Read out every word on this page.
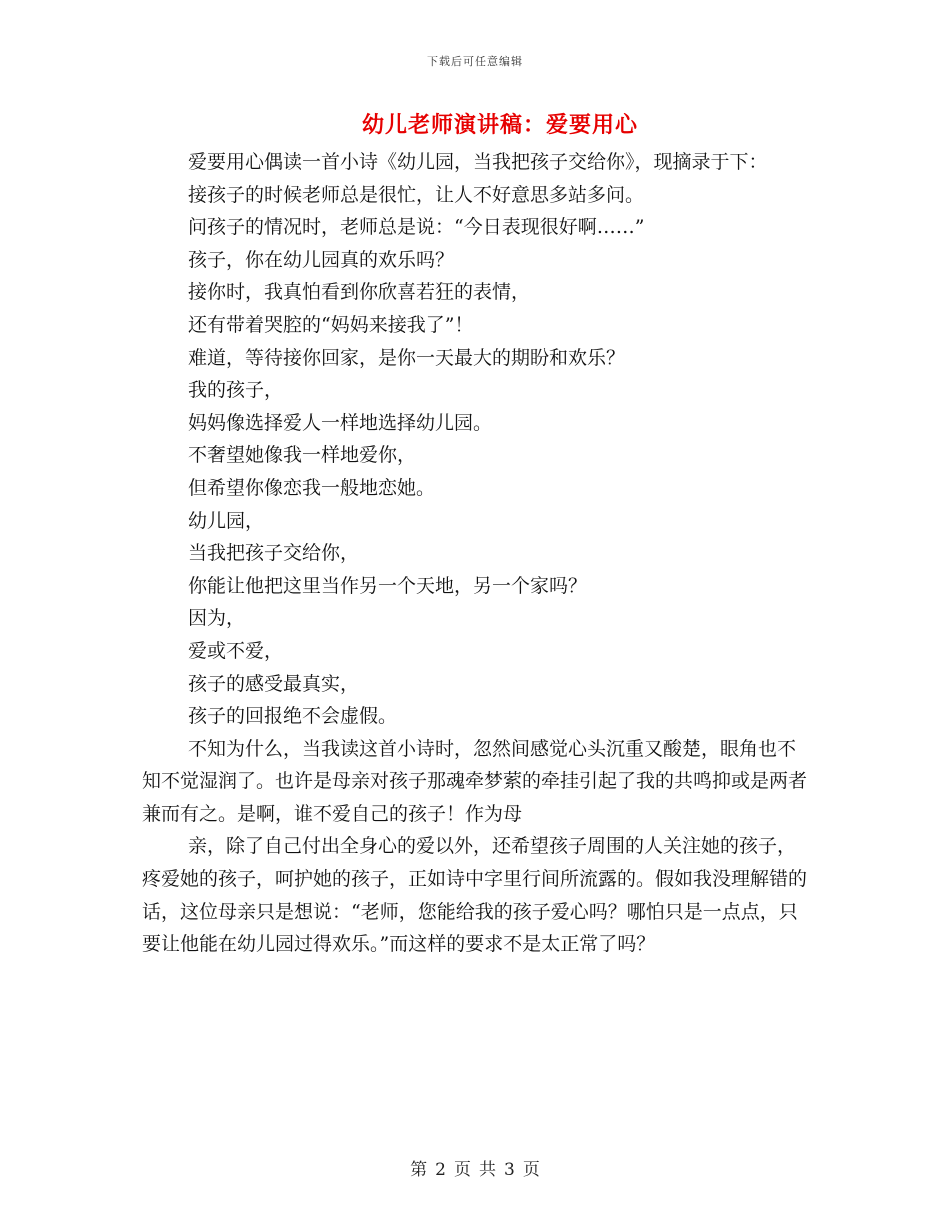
下载后可任意编辑
幼儿老师演讲稿：爱要用心

爱要用心偶读一首小诗《幼儿园，当我把孩子交给你》，现摘录于下：

接孩子的时候老师总是很忙，让人不好意思多站多问。

问孩子的情况时，老师总是说：“今日表现很好啊……”

孩子，你在幼儿园真的欢乐吗？

接你时，我真怕看到你欣喜若狂的表情，

还有带着哭腔的“妈妈来接我了”！

难道，等待接你回家，是你一天最大的期盼和欢乐？

我的孩子，

妈妈像选择爱人一样地选择幼儿园。

不奢望她像我一样地爱你，

但希望你像恋我一般地恋她。

幼儿园，

当我把孩子交给你，

你能让他把这里当作另一个天地，另一个家吗？

因为，

爱或不爱，

孩子的感受最真实，

孩子的回报绝不会虚假。

不知为什么，当我读这首小诗时，忽然间感觉心头沉重又酸楚，眼角也不知不觉湿润了。也许是母亲对孩子那魂牵梦萦的牵挂引起了我的共鸣抑或是两者兼而有之。是啊，谁不爱自己的孩子！作为母

亲，除了自己付出全身心的爱以外，还希望孩子周围的人关注她的孩子，疼爱她的孩子，呵护她的孩子，正如诗中字里行间所流露的。假如我没理解错的话，这位母亲只是想说：“老师，您能给我的孩子爱心吗？哪怕只是一点点，只要让他能在幼儿园过得欢乐。”而这样的要求不是太正常了吗？

第 2 页 共 3 页
